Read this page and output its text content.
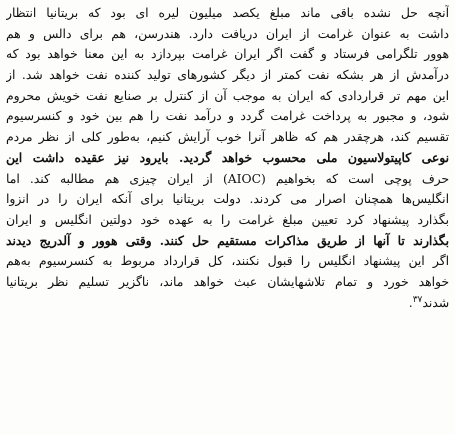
آنچه حل نشده باقی ماند مبلغ یکصد میلیون لیره ای بود که بریتانیا انتظار
داشت به عنوان غرامت از ایران دریافت دارد. هندرسن، هم برای دالس و هم
هوور تلگرامی فرستاد و گفت اگر ایران غرامت بپردازد به این معنا خواهد بود که
درآمدش از هر بشکه نفت کمتر از دیگر کشورهای تولید کننده نفت خواهد شد. از
این مهم تر قراردادی که ایران به موجب آن از کنترل بر صنایع نفت خویش محروم
شود، و مجبور به پرداخت غرامت گردد و درآمد نفت را هم بین خود و کنسرسیوم
تقسیم کند، هرچقدر هم که ظاهر آنرا خوب آرایش کنیم، به‌طور کلی از نظر مردم
نوعی کاپیتولاسیون ملی محسوب خواهد گردید. بایرود نیز عقیده داشت این
حرف پوچی است که بخواهیم (AIOC) از ایران چیزی هم مطالبه کند. اما
انگلیس‌ها همچنان اصرار می کردند. دولت بریتانیا برای آنکه ایران را در انزوا
بگذارد پیشنهاد کرد تعیین مبلغ غرامت را به عهده خود دولتین انگلیس و ایران
بگذارند تا آنها از طریق مذاکرات مستقیم حل کنند. وقتی هوور و آلدریج دیدند
اگر این پیشنهاد انگلیس را قبول نکنند، کل قرارداد مربوط به کنسرسیوم به‌هم
خواهد خورد و تمام تلاشهایشان عبث خواهد ماند، ناگزیر تسلیم نظر بریتانیا
شدند$^{۳۷}$.
